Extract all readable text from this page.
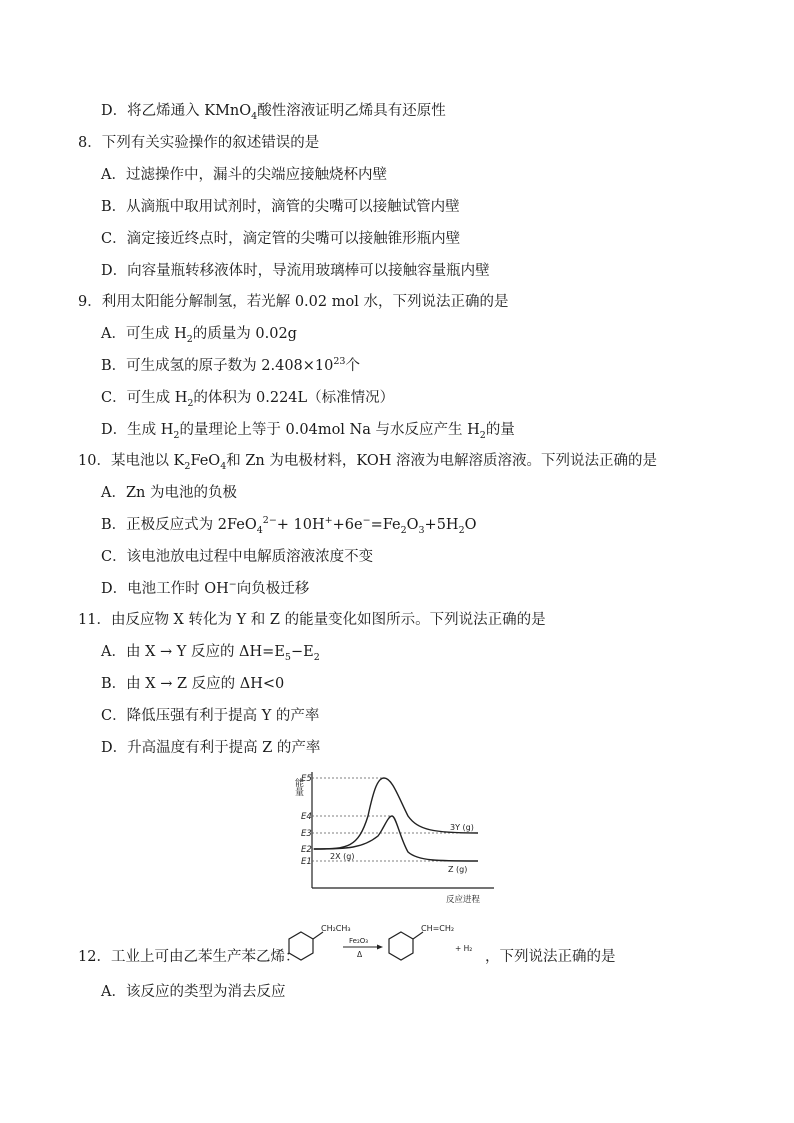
D．将乙烯通入 KMnO$_4$酸性溶液证明乙烯具有还原性
8．下列有关实验操作的叙述错误的是
A．过滤操作中，漏斗的尖端应接触烧杯内壁
B．从滴瓶中取用试剂时，滴管的尖嘴可以接触试管内壁
C．滴定接近终点时，滴定管的尖嘴可以接触锥形瓶内壁
D．向容量瓶转移液体时，导流用玻璃棒可以接触容量瓶内壁
9．利用太阳能分解制氢，若光解 0.02 mol 水，下列说法正确的是
A．可生成 $H_2$的质量为 0.02g
B．可生成氢的原子数为 $2.408\times 10^{23}$个
C．可生成 $H_2$的体积为 0.224L（标准情况）
D．生成 $H_2$的量理论上等于 0.04mol Na 与水反应产生 $H_2$的量
10．某电池以 $K_2FeO_4$和 Zn 为电极材料，KOH 溶液为电解溶质溶液。下列说法正确的是
A．Zn 为电池的负极
B．正极反应式为 $2FeO_4^{2-}+ 10H^++6e^-=Fe_2O_3+5H_2O$
C．该电池放电过程中电解质溶液浓度不变
D．电池工作时 OH−向负极迁移
11．由反应物 X 转化为 Y 和 Z 的能量变化如图所示。下列说法正确的是
A．由 X → Y 反应的 $\Delta H=E_5-E_2$
B．由 X → Z 反应的 ΔH<0
C．降低压强有利于提高 Y 的产率
D．升高温度有利于提高 Z 的产率
能量
E5
E4
E3
E2
E1
2X (g)
3Y (g)
Z (g)
反应进程
12．工业上可由乙苯生产苯乙烯：
CH₂CH₃
Fe₂O₃
Δ
CH=CH₂
+ H₂
，下列说法正确的是
A．该反应的类型为消去反应
